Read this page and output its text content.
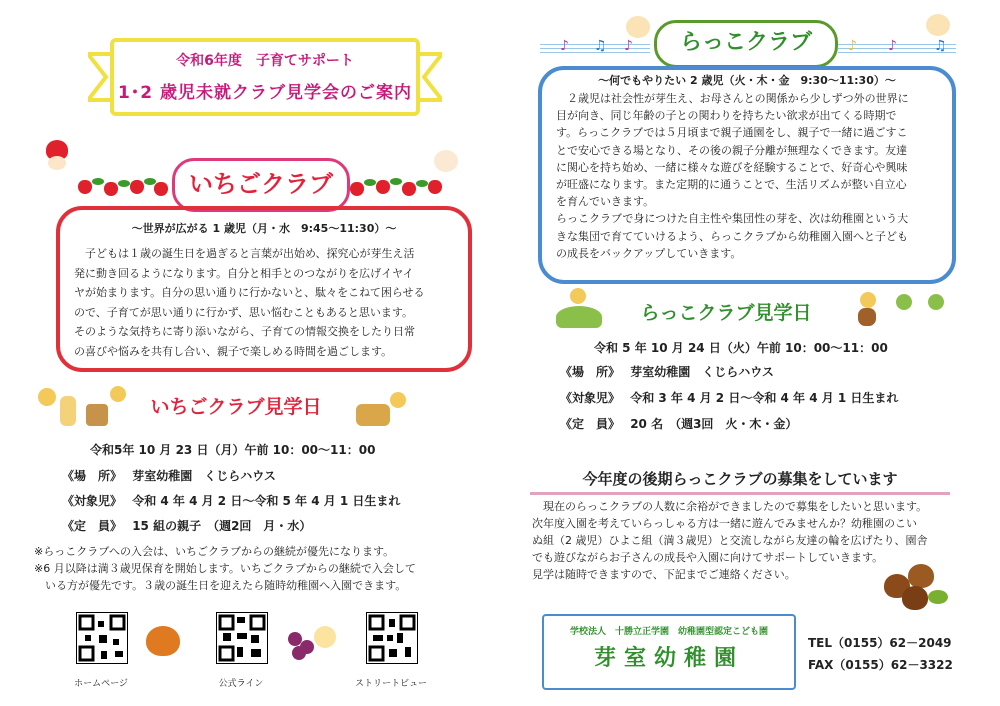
令和6年度　子育てサポート
1･2 歳児未就クラブ見学会のご案内
いちごクラブ
～世界が広がる 1 歳児（月・水　9:45～11:30）～
　子どもは１歳の誕生日を過ぎると言葉が出始め、探究心が芽生え活
発に動き回るようになります。自分と相手とのつながりを広げイヤイ
ヤが始まります。自分の思い通りに行かないと、駄々をこねて困らせる
ので、子育てが思い通りに行かず、思い悩むこともあると思います。
そのような気持ちに寄り添いながら、子育ての情報交換をしたり日常
の喜びや悩みを共有し合い、親子で楽しめる時間を過ごします。
いちごクラブ見学日
令和5年 10 月 23 日（月）午前 10：00～11：00
《場　所》　 芽室幼稚園　くじらハウス
《対象児》　 令和 4 年 4 月 2 日～令和 5 年 4 月 1 日生まれ
《定　員》　 15 組の親子　（週2回　月・水）
※らっこクラブへの入会は、いちごクラブからの継続が優先になります。
※6 月以降は満３歳児保育を開始します。いちごクラブからの継続で入会して
　いる方が優先です。３歳の誕生日を迎えたら随時幼稚園へ入園できます。
ホームページ	公式ライン	ストリートビュー
♪ ♫ ♪	らっこクラブ	♪ ♪	♫
～何でもやりたい 2 歳児（火・木・金　9:30～11:30）～
　２歳児は社会性が芽生え、お母さんとの関係から少しずつ外の世界に
目が向き、同じ年齢の子との関わりを持ちたい欲求が出てくる時期で
す。らっこクラブでは５月頃まで親子通園をし、親子で一緒に過ごすこ
とで安心できる場となり、その後の親子分離が無理なくできます。友達
に関心を持ち始め、一緒に様々な遊びを経験することで、好奇心や興味
が旺盛になります。また定期的に通うことで、生活リズムが整い自立心
を育んでいきます。
らっこクラブで身につけた自主性や集団性の芽を、次は幼稚園という大
きな集団で育てていけるよう、らっこクラブから幼稚園入園へと子ども
の成長をバックアップしていきます。
らっこクラブ見学日
令和 5 年 10 月 24 日（火）午前 10：00～11：00
《場　所》　 芽室幼稚園　くじらハウス
《対象児》　 令和 3 年 4 月 2 日～令和 4 年 4 月 1 日生まれ
《定　員》　 20 名　（週3回　火・木・金）
今年度の後期らっこクラブの募集をしています
　現在のらっこクラブの人数に余裕ができましたので募集をしたいと思います。
次年度入園を考えていらっしゃる方は一緒に遊んでみませんか？幼稚園のこい
ぬ組（2 歳児）ひよこ組（満３歳児）と交流しながら友達の輪を広げたり、園舎
でも遊びながらお子さんの成長や入園に向けてサポートしていきます。
見学は随時できますので、下記までご連絡ください。
学校法人　十勝立正学園　幼稚園型認定こども園
芽室幼稚園
TEL（0155）62－2049
FAX（0155）62－3322
